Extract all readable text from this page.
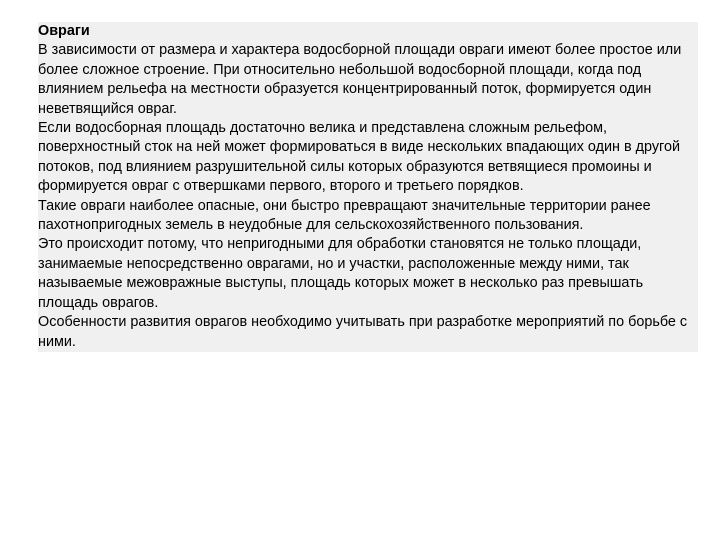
Овраги

В зависимости от размера и характера водосборной площади овраги имеют более простое или более сложное строение. При относительно небольшой водосборной площади, когда под влиянием рельефа на местности образуется концентрированный поток, формируется один неветвящийся овраг.

Если водосборная площадь достаточно велика и представлена сложным рельефом, поверхностный сток на ней может формироваться в виде нескольких впадающих один в другой потоков, под влиянием разрушительной силы которых образуются ветвящиеся промоины и формируется овраг с отвершками первого, второго и третьего порядков.

Такие овраги наиболее опасные, они быстро превращают значительные территории ранее пахотнопригодных земель в неудобные для сельскохозяйственного пользования.

Это происходит потому, что непригодными для обработки становятся не только площади, занимаемые непосредственно оврагами, но и участки, расположенные между ними, так называемые межовражные выступы, площадь которых может в несколько раз превышать площадь оврагов.

Особенности развития оврагов необходимо учитывать при разработке мероприятий по борьбе с ними.
